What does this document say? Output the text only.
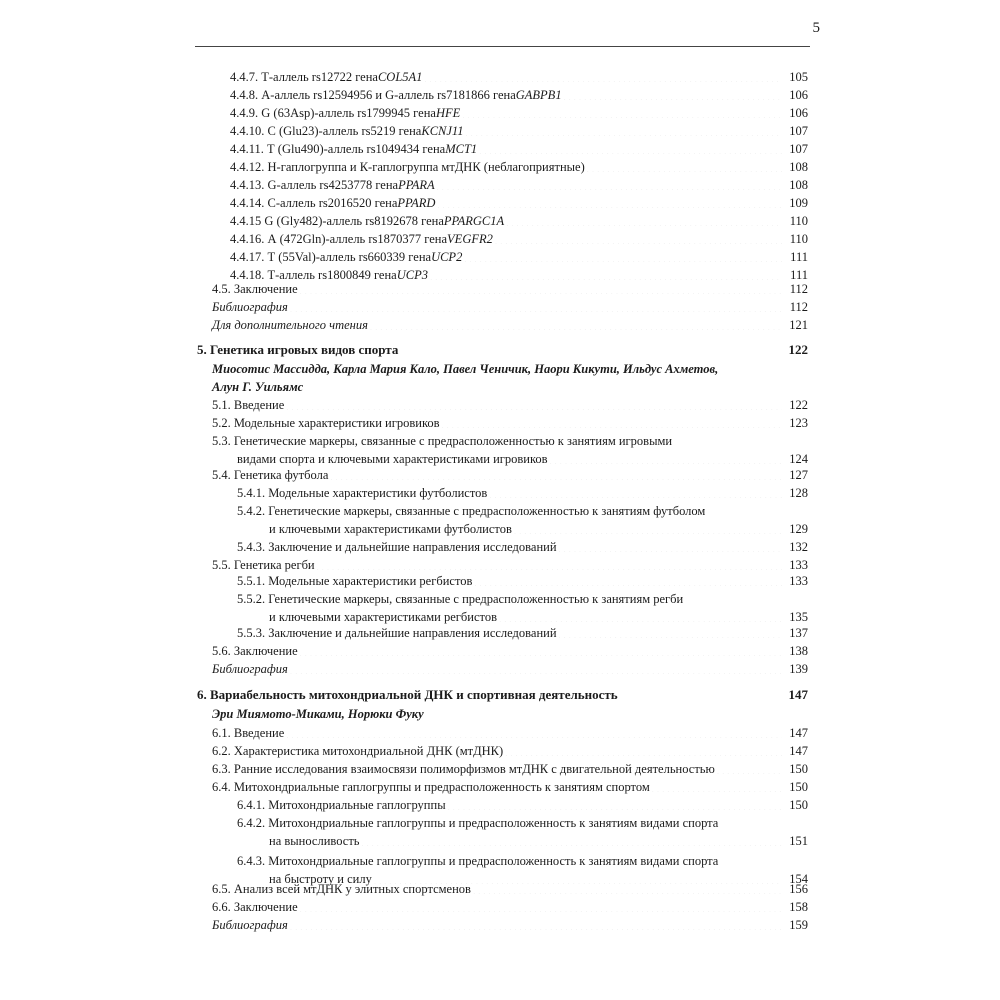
5
4.4.7. Т-аллель rs12722 гена COL5A1 . . .	105
4.4.8. А-аллель rs12594956 и G-аллель rs7181866 гена GABPB1 . . .	106
4.4.9. G (63Asp)-аллель rs1799945 гена HFE . . .	106
4.4.10. С (Glu23)-аллель rs5219 гена KCNJ11 . . .	107
4.4.11. Т (Glu490)-аллель rs1049434 гена MCT1 . . .	107
4.4.12. Н-гаплогруппа и К-гаплогруппа мтДНК (неблагоприятные) . . .	108
4.4.13. G-аллель rs4253778 гена PPARA . . .	108
4.4.14. С-аллель rs2016520 гена PPARD . . .	109
4.4.15 G (Gly482)-аллель rs8192678 гена PPARGC1A . . .	110
4.4.16. А (472Gln)-аллель rs1870377 гена VEGFR2 . . .	110
4.4.17. Т (55Val)-аллель rs660339 гена UCP2 . . .	111
4.4.18. Т-аллель rs1800849 гена UCP3 . . .	111
4.5. Заключение . . .	112
Библиография . . .	112
Для дополнительного чтения . . .	121
5. Генетика игровых видов спорта . . .	122
Миосотис Массидда, Карла Мария Кало, Павел Ченичик, Наори Кикути, Ильдус Ахметов,
Алун Г. Уильямс
5.1. Введение . . .	122
5.2. Модельные характеристики игровиков . . .	123
5.3. Генетические маркеры, связанные с предрасположенностью к занятиям игровыми
видами спорта и ключевыми характеристиками игровиков . . .	124
5.4. Генетика футбола . . .	127
5.4.1. Модельные характеристики футболистов . . .	128
5.4.2. Генетические маркеры, связанные с предрасположенностью к занятиям футболом
и ключевыми характеристиками футболистов . . .	129
5.4.3. Заключение и дальнейшие направления исследований . . .	132
5.5. Генетика регби . . .	133
5.5.1. Модельные характеристики регбистов . . .	133
5.5.2. Генетические маркеры, связанные с предрасположенностью к занятиям регби
и ключевыми характеристиками регбистов . . .	135
5.5.3. Заключение и дальнейшие направления исследований . . .	137
5.6. Заключение . . .	138
Библиография . . .	139
6. Вариабельность митохондриальной ДНК и спортивная деятельность . . .	147
Эри Миямото-Миками, Норюки Фуку
6.1. Введение . . .	147
6.2. Характеристика митохондриальной ДНК (мтДНК) . . .	147
6.3. Ранние исследования взаимосвязи полиморфизмов мтДНК с двигательной деятельностью . . .	150
6.4. Митохондриальные гаплогруппы и предрасположенность к занятиям спортом . . .	150
6.4.1. Митохондриальные гаплогруппы . . .	150
6.4.2. Митохондриальные гаплогруппы и предрасположенность к занятиям видами спорта
на выносливость . . .	151
6.4.3. Митохондриальные гаплогруппы и предрасположенность к занятиям видами спорта
на быстроту и силу . . .	154
6.5. Анализ всей мтДНК у элитных спортсменов . . .	156
6.6. Заключение . . .	158
Библиография . . .	159
